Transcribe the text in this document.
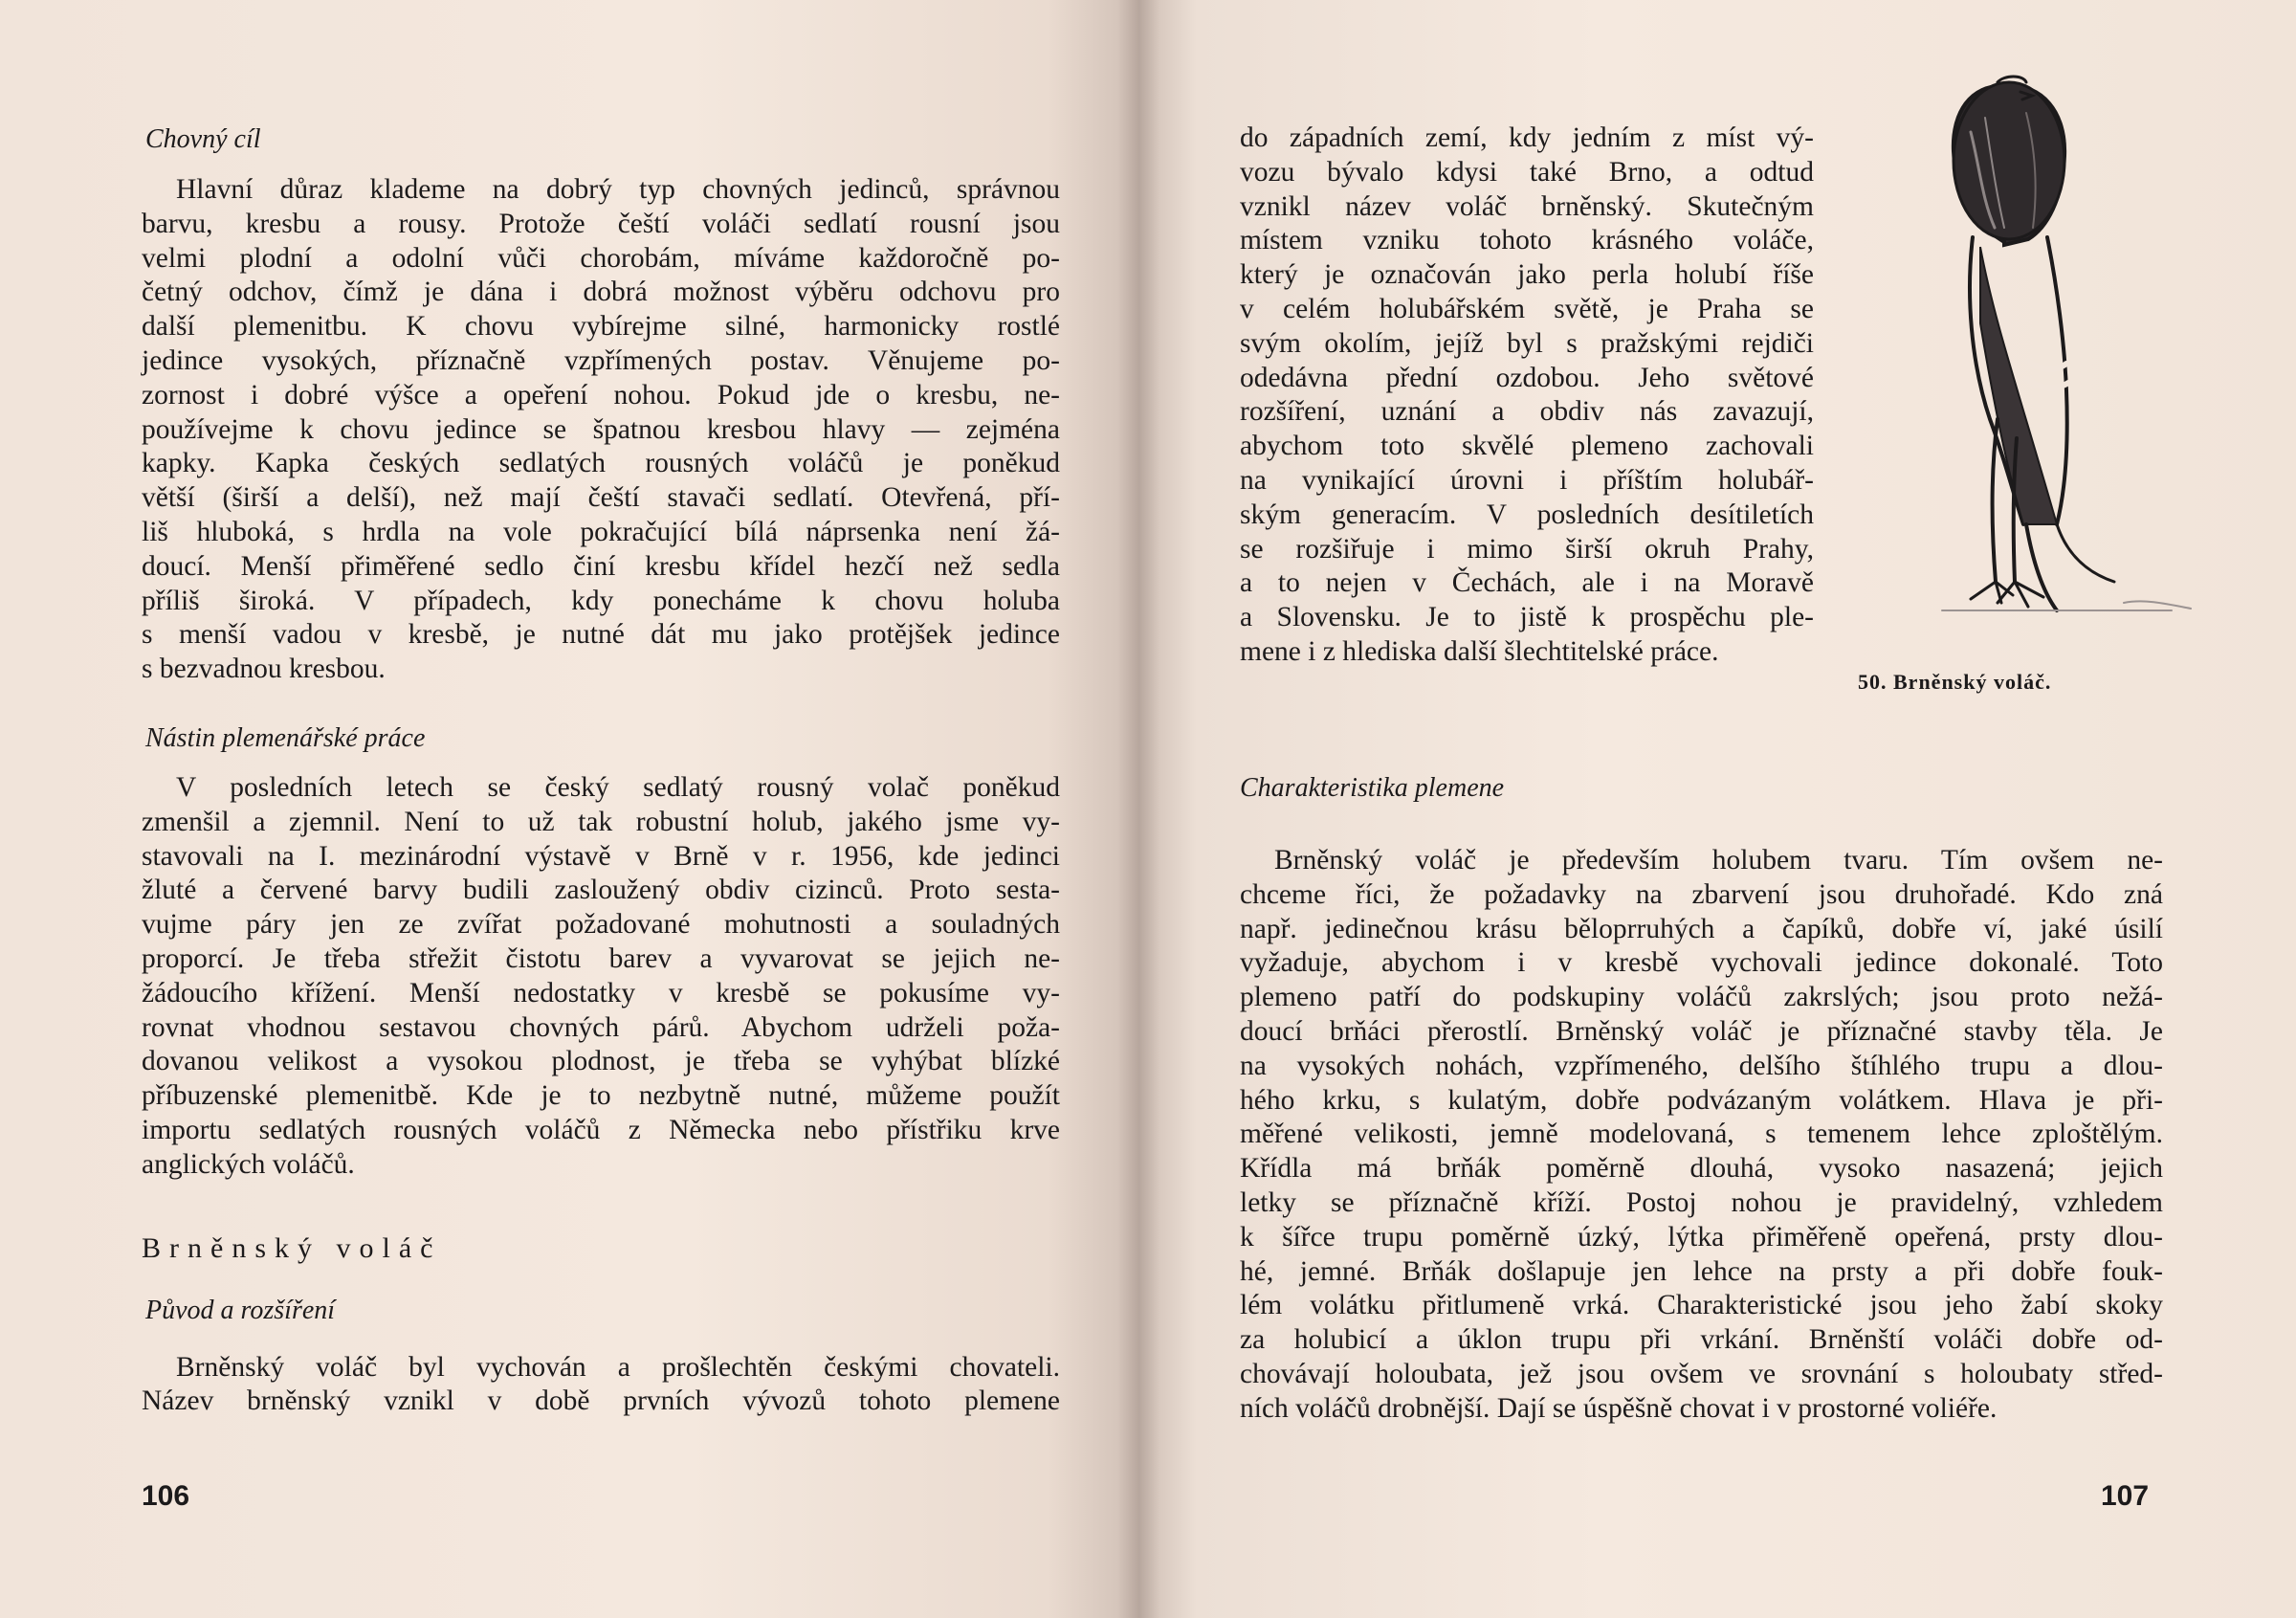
Chovný cíl

Hlavní důraz klademe na dobrý typ chovných jedinců, správnou
barvu, kresbu a rousy. Protože čeští voláči sedlatí rousní jsou
velmi plodní a odolní vůči chorobám, míváme každoročně po-
četný odchov, čímž je dána i dobrá možnost výběru odchovu pro
další plemenitbu. K chovu vybírejme silné, harmonicky rostlé
jedince vysokých, příznačně vzpřímených postav. Věnujeme po-
zornost i dobré výšce a opeření nohou. Pokud jde o kresbu, ne-
používejme k chovu jedince se špatnou kresbou hlavy — zejména
kapky. Kapka českých sedlatých rousných voláčů je poněkud
větší (širší a delší), než mají čeští stavači sedlatí. Otevřená, pří-
liš hluboká, s hrdla na vole pokračující bílá náprsenka není žá-
doucí. Menší přiměřené sedlo činí kresbu křídel hezčí než sedla
příliš široká. V případech, kdy ponecháme k chovu holuba
s menší vadou v kresbě, je nutné dát mu jako protějšek jedince
s bezvadnou kresbou.

Nástin plemenářské práce

V posledních letech se český sedlatý rousný volač poněkud
zmenšil a zjemnil. Není to už tak robustní holub, jakého jsme vy-
stavovali na I. mezinárodní výstavě v Brně v r. 1956, kde jedinci
žluté a červené barvy budili zasloužený obdiv cizinců. Proto sesta-
vujme páry jen ze zvířat požadované mohutnosti a souladných
proporcí. Je třeba střežit čistotu barev a vyvarovat se jejich ne-
žádoucího křížení. Menší nedostatky v kresbě se pokusíme vy-
rovnat vhodnou sestavou chovných párů. Abychom udrželi poža-
dovanou velikost a vysokou plodnost, je třeba se vyhýbat blízké
příbuzenské plemenitbě. Kde je to nezbytně nutné, můžeme použít
importu sedlatých rousných voláčů z Německa nebo přístřiku krve
anglických voláčů.

Brněnský voláč

Původ a rozšíření

Brněnský voláč byl vychován a prošlechtěn českými chovateli.
Název brněnský vznikl v době prvních vývozů tohoto plemene
106
do západních zemí, kdy jedním z míst vý-
vozu bývalo kdysi také Brno, a odtud
vznikl název voláč brněnský. Skutečným
místem vzniku tohoto krásného voláče,
který je označován jako perla holubí říše
v celém holubářském světě, je Praha se
svým okolím, jejíž byl s pražskými rejdiči
odedávna přední ozdobou. Jeho světové
rozšíření, uznání a obdiv nás zavazují,
abychom toto skvělé plemeno zachovali
na vynikající úrovni i příštím holubář-
ským generacím. V posledních desítiletích
se rozšiřuje i mimo širší okruh Prahy,
a to nejen v Čechách, ale i na Moravě
a Slovensku. Je to jistě k prospěchu ple-
mene i z hlediska další šlechtitelské práce.
50. Brněnský voláč.

Charakteristika plemene

Brněnský voláč je především holubem tvaru. Tím ovšem ne-
chceme říci, že požadavky na zbarvení jsou druhořadé. Kdo zná
např. jedinečnou krásu běloprruhých a čapíků, dobře ví, jaké úsilí
vyžaduje, abychom i v kresbě vychovali jedince dokonalé. Toto
plemeno patří do podskupiny voláčů zakrslých; jsou proto nežá-
doucí brňáci přerostlí. Brněnský voláč je příznačné stavby těla. Je
na vysokých nohách, vzpřímeného, delšího štíhlého trupu a dlou-
hého krku, s kulatým, dobře podvázaným volátkem. Hlava je při-
měřené velikosti, jemně modelovaná, s temenem lehce zploštělým.
Křídla má brňák poměrně dlouhá, vysoko nasazená; jejich
letky se příznačně kříží. Postoj nohou je pravidelný, vzhledem
k šířce trupu poměrně úzký, lýtka přiměřeně opeřená, prsty dlou-
hé, jemné. Brňák došlapuje jen lehce na prsty a při dobře fouk-
lém volátku přitlumeně vrká. Charakteristické jsou jeho žabí skoky
za holubicí a úklon trupu při vrkání. Brněnští voláči dobře od-
chovávají holoubata, jež jsou ovšem ve srovnání s holoubaty střed-
ních voláčů drobnější. Dají se úspěšně chovat i v prostorné voliéře.
107
